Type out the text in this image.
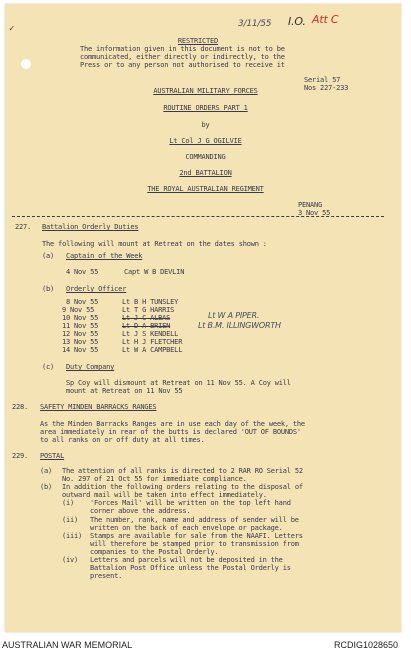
✓	3/11/55 I.O. Att C
RESTRICTED
The information given in this document is not to be
communicated, either directly or indirectly, to the
Press or to any person not authorised to receive it
Serial 57
Nos 227-233
AUSTRALIAN MILITARY FORCES
ROUTINE ORDERS PART 1
by
Lt Col J G OGILVIE
COMMANDING
2nd BATTALION
THE ROYAL AUSTRALIAN REGIMENT
PENANG
3 Nov 55
227. Battalion Orderly Duties
The following will mount at Retreat on the dates shown :
(a) Captain of the Week
4 Nov 55	Capt W B DEVLIN
(b) Orderly Officer
8 Nov 55	Lt B H TUNSLEY
9 Nov 55	Lt T G HARRIS
10 Nov 55	Lt J C ALBAS
11 Nov 55	Lt D A BRIEN
12 Nov 55	Lt J S KENDELL
13 Nov 55	Lt H J FLETCHER
14 Nov 55	Lt W A CAMPBELL
Lt W A PIPER.
Lt B.M. ILLINGWORTH
(c) Duty Company
Sp Coy will dismount at Retreat on 11 Nov 55. A Coy will
mount at Retreat on 11 Nov 55
228. SAFETY MINDEN BARRACKS RANGES
As the Minden Barracks Ranges are in use each day of the week, the
area immediately in rear of the butts is declared 'OUT OF BOUNDS'
to all ranks on or off duty at all times.
229. POSTAL
(a) The attention of all ranks is directed to 2 RAR RO Serial 52
No. 297 of 21 Oct 55 for immediate compliance.
(b) In addition the following orders relating to the disposal of
outward mail will be taken into effect immediately.
(i) 'Forces Mail' will be written on the top left hand
corner above the address.
(ii) The number, rank, name and address of sender will be
written on the back of each envelope or package.
(iii) Stamps are available for sale from the NAAFI. Letters
will therefore be stamped prior to transmission from
companies to the Postal Orderly.
(iv) Letters and parcels will not be deposited in the
Battalion Post Office unless the Postal Orderly is
present.
AUSTRALIAN WAR MEMORIAL	RCDIG1028650
